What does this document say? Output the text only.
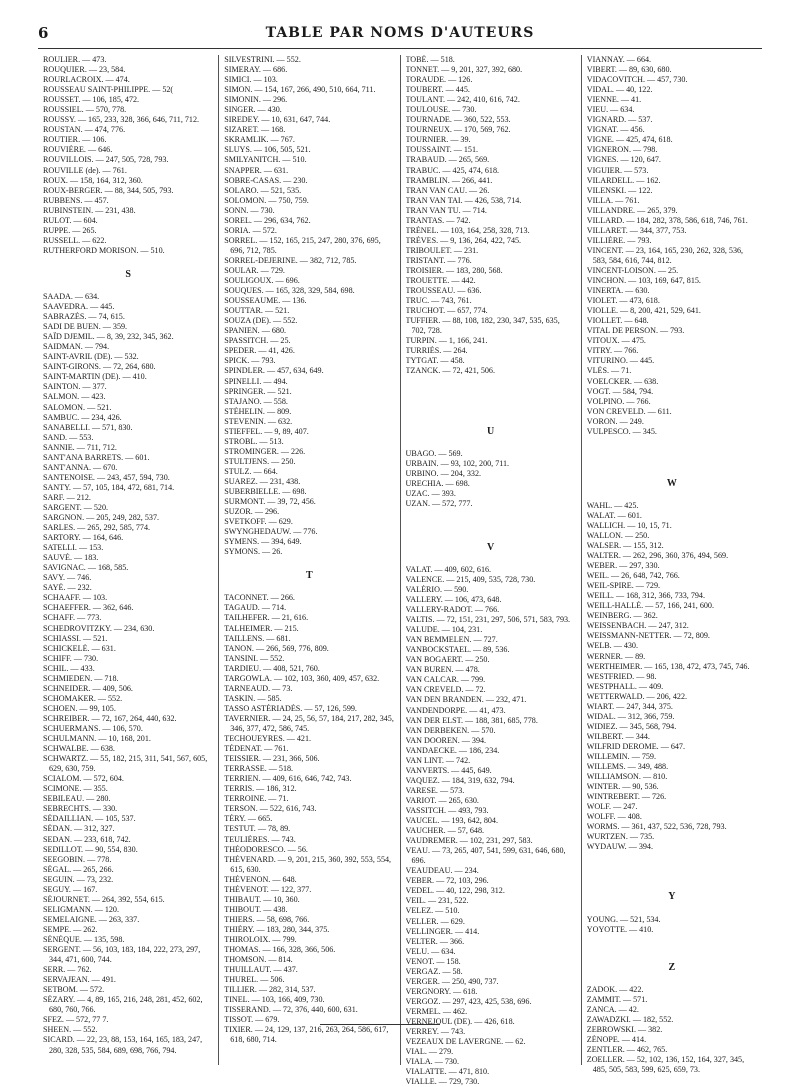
6	TABLE PAR NOMS D'AUTEURS
ROULIER. — 473.
ROUQUIER. — 23, 584.
ROURLACROIX. — 474.
ROUSSEAU SAINT-PHILIPPE. — 52(
ROUSSET. — 106, 185, 472.
ROUSSIEL. — 570, 778.
ROUSSY. — 165, 233, 328, 366, 646, 711, 712.
ROUSTAN. — 474, 776.
ROUTIER. — 106.
ROUVIÈRE. — 646.
ROUVILLOIS. — 247, 505, 728, 793.
ROUVILLE (de). — 761.
ROUX. — 158, 164, 312, 360.
ROUX-BERGER. — 88, 344, 505, 793.
RUBBENS. — 457.
RUBINSTEIN. — 231, 438.
RULOT. — 604.
RUPPE. — 265.
RUSSELL. — 622.
RUTHERFORD MORISON. — 510.
S
SAADA. — 634.
SAAVEDRA. — 445.
SABRAZÈS. — 74, 615.
SADI DE BUEN. — 359.
SAÏD DJEMIL. — 8, 39, 232, 345, 362.
SAIDMAN. — 794.
SAINT-AVRIL (DE). — 532.
SAINT-GIRONS. — 72, 264, 680.
SAINT-MARTIN (DE). — 410.
SAINTON. — 377.
SALMON. — 423.
SALOMON. — 521.
SAMBUC. — 234, 426.
SANABELLI. — 571, 830.
SAND. — 553.
SANNIE. — 711, 712.
SANT'ANA BARRETS. — 601.
SANT'ANNA. — 670.
SANTENOISE. — 243, 457, 594, 730.
SANTY. — 57, 105, 184, 472, 681, 714.
SARF. — 212.
SARGENT. — 520.
SARGNON. — 205, 249, 282, 537.
SARLES. — 265, 292, 585, 774.
SARTORY. — 164, 646.
SATELLI. — 153.
SAUVÉ. — 183.
SAVIGNAC. — 168, 585.
SAVY. — 746.
SAYÉ. — 232.
SCHAAFF. — 103.
SCHAEFFER. — 362, 646.
SCHAFF. — 773.
SCHEDROVITZKY. — 234, 630.
SCHIASSI. — 521.
SCHICKELÉ. — 631.
SCHIFF. — 730.
SCHIL. — 433.
SCHMIEDEN. — 718.
SCHNEIDER. — 409, 506.
SCHOMAKER. — 552.
SCHOEN. — 99, 105.
SCHREIBER. — 72, 167, 264, 440, 632.
SCHUERMANS. — 106, 570.
SCHULMANN. — 10, 168, 201.
SCHWALBE. — 638.
SCHWARTZ. — 55, 182, 215, 311, 541, 567, 605, 629, 630, 759.
SCIALOM. — 572, 604.
SCIMONE. — 355.
SEBILEAU. — 280.
SEBRECHTS. — 330.
SÉDAILLIAN. — 105, 537.
SÉDAN. — 312, 327.
SEDAN. — 233, 618, 742.
SEDILLOT. — 90, 554, 830.
SEEGOBIN. — 778.
SÉGAL. — 265, 266.
SEGUIN. — 73, 232.
SEGUY. — 167.
SÉJOURNET. — 264, 392, 554, 615.
SELIGMANN. — 120.
SEMELAIGNE. — 263, 337.
SEMPE. — 262.
SÉNÈQUE. — 135, 598.
SERGENT. — 56, 103, 183, 184, 222, 273, 297, 344, 471, 600, 744.
SERR. — 762.
SERVAJEAN. — 491.
SETBOM. — 572.
SÉZARY. — 4, 89, 165, 216, 248, 281, 452, 602, 680, 760, 766.
SFEZ. — 572, 77 7.
SHEEN. — 552.
SICARD. — 22, 23, 88, 153, 164, 165, 183, 247, 280, 328, 535, 584, 689, 698, 766, 794.
SILVESTRINI. — 552.
SIMERAY. — 686.
SIMICI. — 103.
SIMON. — 154, 167, 266, 490, 510, 664, 711.
SIMONIN. — 296.
SINGER. — 430.
SIREDEY. — 10, 631, 647, 744.
SIZARET. — 168.
SKRAMLIK. — 767.
SLUYS. — 106, 505, 521.
SMILYANITCH. — 510.
SNAPPER. — 631.
SOBRE-CASAS. — 230.
SOLARO. — 521, 535.
SOLOMON. — 750, 759.
SONN. — 730.
SOREL. — 296, 634, 762.
SORIA. — 572.
SORREL. — 152, 165, 215, 247, 280, 376, 695, 696, 712, 785.
SORREL-DEJERINE. — 382, 712, 785.
SOULAR. — 729.
SOULIGOUX. — 696.
SOUQUES. — 165, 328, 329, 584, 698.
SOUSSEAUME. — 136.
SOUTTAR. — 521.
SOUZA (DE). — 552.
SPANIEN. — 680.
SPASSITCH. — 25.
SPEDER. — 41, 426.
SPICK. — 793.
SPINDLER. — 457, 634, 649.
SPINELLI. — 494.
SPRINGER. — 521.
STAJANO. — 558.
STÉHELIN. — 809.
STEVENIN. — 632.
STIEFFEL. — 9, 89, 407.
STROBL. — 513.
STROMINGER. — 226.
STULTJENS. — 250.
STULZ. — 664.
SUAREZ. — 231, 438.
SUBERBIELLE. — 698.
SURMONT. — 39, 72, 456.
SUZOR. — 296.
SVETKOFF. — 629.
SWYNGHEDAUW. — 776.
SYMENS. — 394, 649.
SYMONS. — 26.
T
TACONNET. — 266.
TAGAUD. — 714.
TAILHEFER. — 21, 616.
TALHEIMER. — 215.
TAILLENS. — 681.
TANON. — 266, 569, 776, 809.
TANSINI. — 552.
TARDIEU. — 408, 521, 760.
TARGOWLA. — 102, 103, 360, 409, 457, 632.
TARNEAUD. — 73.
TASKIN. — 585.
TASSO ASTÉRIADÈS. — 57, 126, 599.
TAVERNIER. — 24, 25, 56, 57, 184, 217, 282, 345, 346, 377, 472, 586, 745.
TECHOUEYRES. — 421.
TÉDENAT. — 761.
TEISSIER. — 231, 366, 506.
TERRASSE. — 518.
TERRIEN. — 409, 616, 646, 742, 743.
TERRIS. — 186, 312.
TERROINE. — 71.
TERSON. — 522, 616, 743.
TÉRY. — 665.
TESTUT. — 78, 89.
TEULIÈRES. — 743.
THÉODORESCO. — 56.
THÉVENARD. — 9, 201, 215, 360, 392, 553, 554, 615, 630.
THÉVENON. — 648.
THÉVENOT. — 122, 377.
THIBAUT. — 10, 360.
THIBOUT. — 438.
THIERS. — 58, 698, 766.
THIÉRY. — 183, 280, 344, 375.
THIROLOIX. — 799.
THOMAS. — 166, 328, 366, 506.
THOMSON. — 814.
THUILLAUT. — 437.
THUREL. — 506.
TILLIER. — 282, 314, 537.
TINEL. — 103, 166, 409, 730.
TISSERAND. — 72, 376, 440, 600, 631.
TISSOT. — 679.
TIXIER. — 24, 129, 137, 216, 263, 264, 586, 617, 618, 680, 714.
TOBÉ. — 518.
TONNET. — 9, 201, 327, 392, 680.
TORAUDE. — 126.
TOUBERT. — 445.
TOULANT. — 242, 410, 616, 742.
TOULOUSE. — 730.
TOURNADE. — 360, 522, 553.
TOURNEUX. — 170, 569, 762.
TOURNIER. — 39.
TOUSSAINT. — 151.
TRABAUD. — 265, 569.
TRABUC. — 425, 474, 618.
TRAMBLIN. — 266, 441.
TRAN VAN CAU. — 26.
TRAN VAN TAI. — 426, 538, 714.
TRAN VAN TU. — 714.
TRANTAS. — 742.
TRÉNEL. — 103, 164, 258, 328, 713.
TRÈVES. — 9, 136, 264, 422, 745.
TRIBOULET. — 231.
TRISTANT. — 776.
TROISIER. — 183, 280, 568.
TROUETTE. — 442.
TROUSSEAU. — 636.
TRUC. — 743, 761.
TRUCHOT. — 657, 774.
TUFFIER. — 88, 108, 182, 230, 347, 535, 635, 702, 728.
TURPIN. — 1, 166, 241.
TURRIÈS. — 264.
TYTGAT. — 458.
TZANCK. — 72, 421, 506.
U
UBAGO. — 569.
URBAIN. — 93, 102, 200, 711.
URBINO. — 204, 332.
URECHIA. — 698.
UZAC. — 393.
UZAN. — 572, 777.
V
VALAT. — 409, 602, 616.
VALENCE. — 215, 409, 535, 728, 730.
VALÉRIO. — 590.
VALLERY. — 106, 473, 648.
VALLERY-RADOT. — 766.
VALTIS. — 72, 151, 231, 297, 506, 571, 583, 793.
VALUDE. — 104, 231.
VAN BEMMELEN. — 727.
VANBOCKSTAEL. — 89, 536.
VAN BOGAERT. — 250.
VAN BUREN. — 478.
VAN CALCAR. — 799.
VAN CREVELD. — 72.
VAN DEN BRANDEN. — 232, 471.
VANDENDORPE. — 41, 473.
VAN DER ELST. — 188, 381, 685, 778.
VAN DERBEKEN. — 570.
VAN DOOREN. — 394.
VANDAECKE. — 186, 234.
VAN LINT. — 742.
VANVERTS. — 445, 649.
VAQUEZ. — 184, 319, 632, 794.
VARESE. — 573.
VARIOT. — 265, 630.
VASSITCH. — 493, 793.
VAUCEL. — 193, 642, 804.
VAUCHER. — 57, 648.
VAUDREMER. — 102, 231, 297, 583.
VEAU. — 73, 265, 407, 541, 599, 631, 646, 680, 696.
VEAUDEAU. — 234.
VEBER. — 72, 103, 296.
VEDEL. — 40, 122, 298, 312.
VEIL. — 231, 522.
VELEZ. — 510.
VELLER. — 629.
VELLINGER. — 414.
VELTER. — 366.
VELU. — 634.
VENOT. — 158.
VERGAZ. — 58.
VERGER. — 250, 490, 737.
VERGNORY. — 618.
VERGOZ. — 297, 423, 425, 538, 696.
VERMEL. — 462.
VERNEJOUL (DE). — 426, 618.
VERREY. — 743.
VEZEAUX DE LAVERGNE. — 62.
VIAL. — 279.
VIALA. — 730.
VIALATTE. — 471, 810.
VIALLE. — 729, 730.
VIANNAY. — 664.
VIBERT. — 89, 630, 680.
VIDACOVITCH. — 457, 730.
VIDAL. — 40, 122.
VIENNE. — 41.
VIEU. — 634.
VIGNARD. — 537.
VIGNAT. — 456.
VIGNE. — 425, 474, 618.
VIGNERON. — 798.
VIGNES. — 120, 647.
VIGUIER. — 573.
VILARDELL. — 162.
VILENSKI. — 122.
VILLA. — 761.
VILLANDRE. — 265, 379.
VILLARD. — 184, 282, 378, 586, 618, 746, 761.
VILLARET. — 344, 377, 753.
VILLIÈRE. — 793.
VINCENT. — 23, 164, 165, 230, 262, 328, 536, 583, 584, 616, 744, 812.
VINCENT-LOISON. — 25.
VINCHON. — 103, 169, 647, 815.
VINERTA. — 630.
VIOLET. — 473, 618.
VIOLLE. — 8, 200, 421, 529, 641.
VIOLLET. — 648.
VITAL DE PERSON. — 793.
VITOUX. — 475.
VITRY. — 766.
VITURINO. — 445.
VLÈS. — 71.
VOELCKER. — 638.
VOGT. — 584, 794.
VOLPINO. — 766.
VON CREVELD. — 611.
VORON. — 249.
VULPESCO. — 345.
W
WAHL. — 425.
WALAT. — 601.
WALLICH. — 10, 15, 71.
WALLON. — 250.
WALSER. — 155, 312.
WALTER. — 262, 296, 360, 376, 494, 569.
WEBER. — 297, 330.
WEIL. — 26, 648, 742, 766.
WEIL-SPIRE. — 729.
WEILL. — 168, 312, 366, 733, 794.
WEILL-HALLÉ. — 57, 166, 241, 600.
WEINBERG. — 362.
WEISSENBACH. — 247, 312.
WEISSMANN-NETTER. — 72, 809.
WELB. — 430.
WERNER. — 89.
WERTHEIMER. — 165, 138, 472, 473, 745, 746.
WESTFRIED. — 98.
WESTPHALL. — 409.
WETTERWALD. — 206, 422.
WIART. — 247, 344, 375.
WIDAL. — 312, 366, 759.
WIDIEZ. — 345, 568, 794.
WILBERT. — 344.
WILFRID DEROME. — 647.
WILLEMIN. — 759.
WILLEMS. — 349, 488.
WILLIAMSON. — 810.
WINTER. — 90, 536.
WINTREBERT. — 726.
WOLF. — 247.
WOLFF. — 408.
WORMS. — 361, 437, 522, 536, 728, 793.
WURTZEN. — 735.
WYDAUW. — 394.
Y
YOUNG. — 521, 534.
YOYOTTE. — 410.
Z
ZADOK. — 422.
ZAMMIT. — 571.
ZANCA. — 42.
ZAWADZKI. — 182, 552.
ZEBROWSKI. — 382.
ZÉNOPE. — 414.
ZENTLER. — 462, 765.
ZOELLER. — 52, 102, 136, 152, 164, 327, 345, 485, 505, 583, 599, 625, 659, 73.
